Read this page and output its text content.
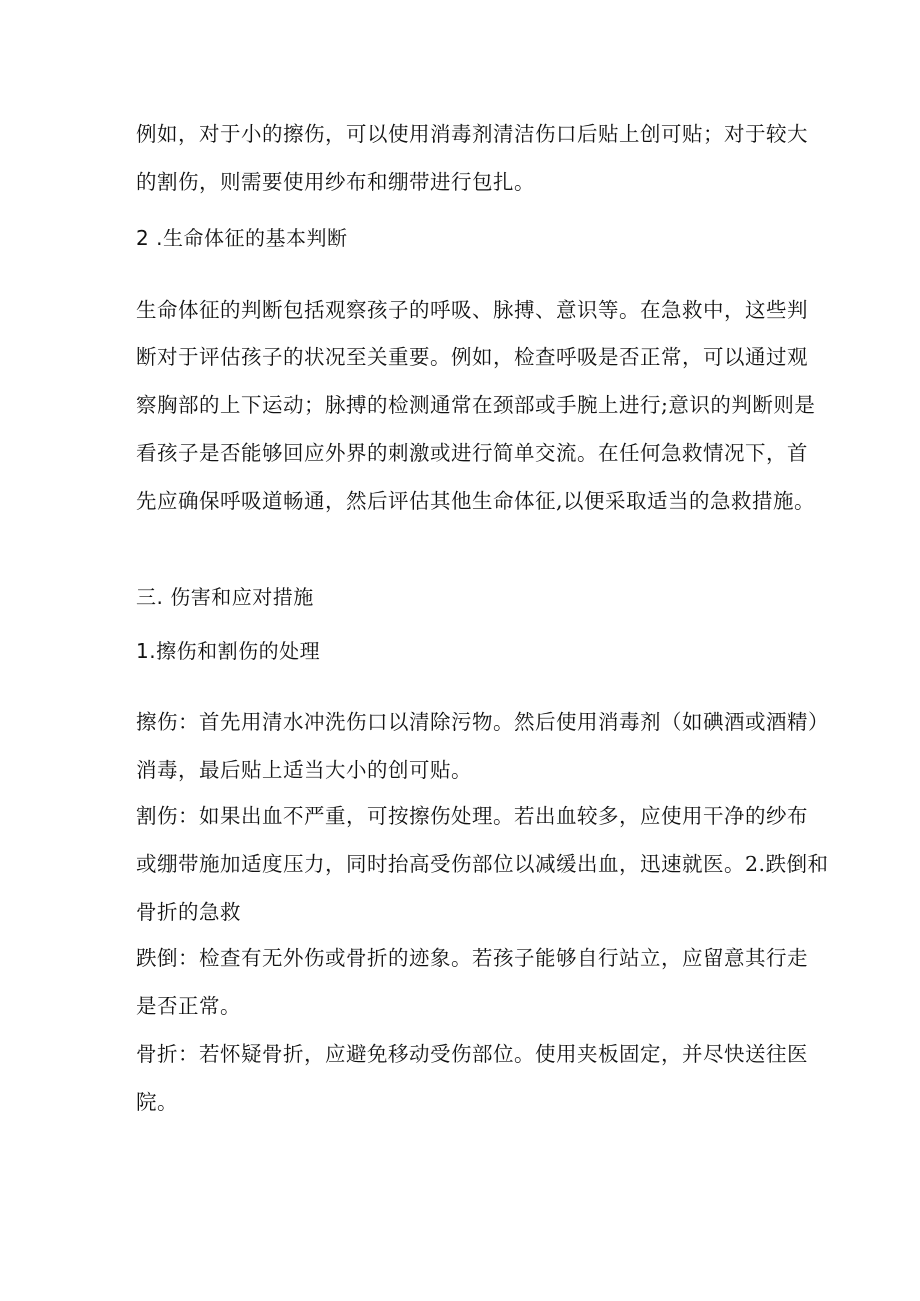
例如，对于小的擦伤，可以使用消毒剂清洁伤口后贴上创可贴；对于较大
的割伤，则需要使用纱布和绷带进行包扎。
2 .生命体征的基本判断
生命体征的判断包括观察孩子的呼吸、脉搏、意识等。在急救中，这些判
断对于评估孩子的状况至关重要。例如，检查呼吸是否正常，可以通过观
察胸部的上下运动；脉搏的检测通常在颈部或手腕上进行;意识的判断则是
看孩子是否能够回应外界的刺激或进行简单交流。在任何急救情况下，首
先应确保呼吸道畅通，然后评估其他生命体征,以便采取适当的急救措施。
三. 伤害和应对措施
1.擦伤和割伤的处理
擦伤：首先用清水冲洗伤口以清除污物。然后使用消毒剂（如碘酒或酒精）
消毒，最后贴上适当大小的创可贴。
割伤：如果出血不严重，可按擦伤处理。若出血较多，应使用干净的纱布
或绷带施加适度压力，同时抬高受伤部位以减缓出血，迅速就医。2.跌倒和
骨折的急救
跌倒：检查有无外伤或骨折的迹象。若孩子能够自行站立，应留意其行走
是否正常。
骨折：若怀疑骨折，应避免移动受伤部位。使用夹板固定，并尽快送往医
院。
